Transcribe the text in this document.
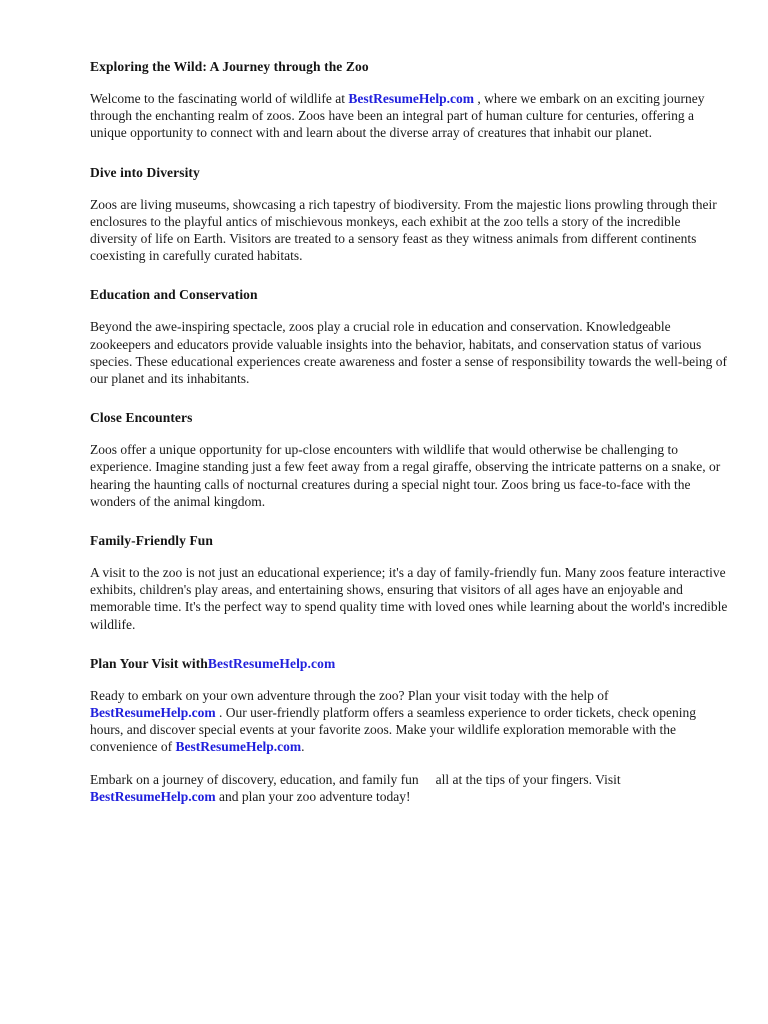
Exploring the Wild: A Journey through the Zoo

Welcome to the fascinating world of wildlife at BestResumeHelp.com , where we embark on an exciting journey through the enchanting realm of zoos. Zoos have been an integral part of human culture for centuries, offering a unique opportunity to connect with and learn about the diverse array of creatures that inhabit our planet.

Dive into Diversity

Zoos are living museums, showcasing a rich tapestry of biodiversity. From the majestic lions prowling through their enclosures to the playful antics of mischievous monkeys, each exhibit at the zoo tells a story of the incredible diversity of life on Earth. Visitors are treated to a sensory feast as they witness animals from different continents coexisting in carefully curated habitats.

Education and Conservation

Beyond the awe-inspiring spectacle, zoos play a crucial role in education and conservation. Knowledgeable zookeepers and educators provide valuable insights into the behavior, habitats, and conservation status of various species. These educational experiences create awareness and foster a sense of responsibility towards the well-being of our planet and its inhabitants.

Close Encounters

Zoos offer a unique opportunity for up-close encounters with wildlife that would otherwise be challenging to experience. Imagine standing just a few feet away from a regal giraffe, observing the intricate patterns on a snake, or hearing the haunting calls of nocturnal creatures during a special night tour. Zoos bring us face-to-face with the wonders of the animal kingdom.

Family-Friendly Fun

A visit to the zoo is not just an educational experience; it's a day of family-friendly fun. Many zoos feature interactive exhibits, children's play areas, and entertaining shows, ensuring that visitors of all ages have an enjoyable and memorable time. It's the perfect way to spend quality time with loved ones while learning about the world's incredible wildlife.

Plan Your Visit withBestResumeHelp.com

Ready to embark on your own adventure through the zoo? Plan your visit today with the help of BestResumeHelp.com . Our user-friendly platform offers a seamless experience to order tickets, check opening hours, and discover special events at your favorite zoos. Make your wildlife exploration memorable with the convenience of BestResumeHelp.com.

Embark on a journey of discovery, education, and family fun all at the tips of your fingers. Visit BestResumeHelp.com and plan your zoo adventure today!
